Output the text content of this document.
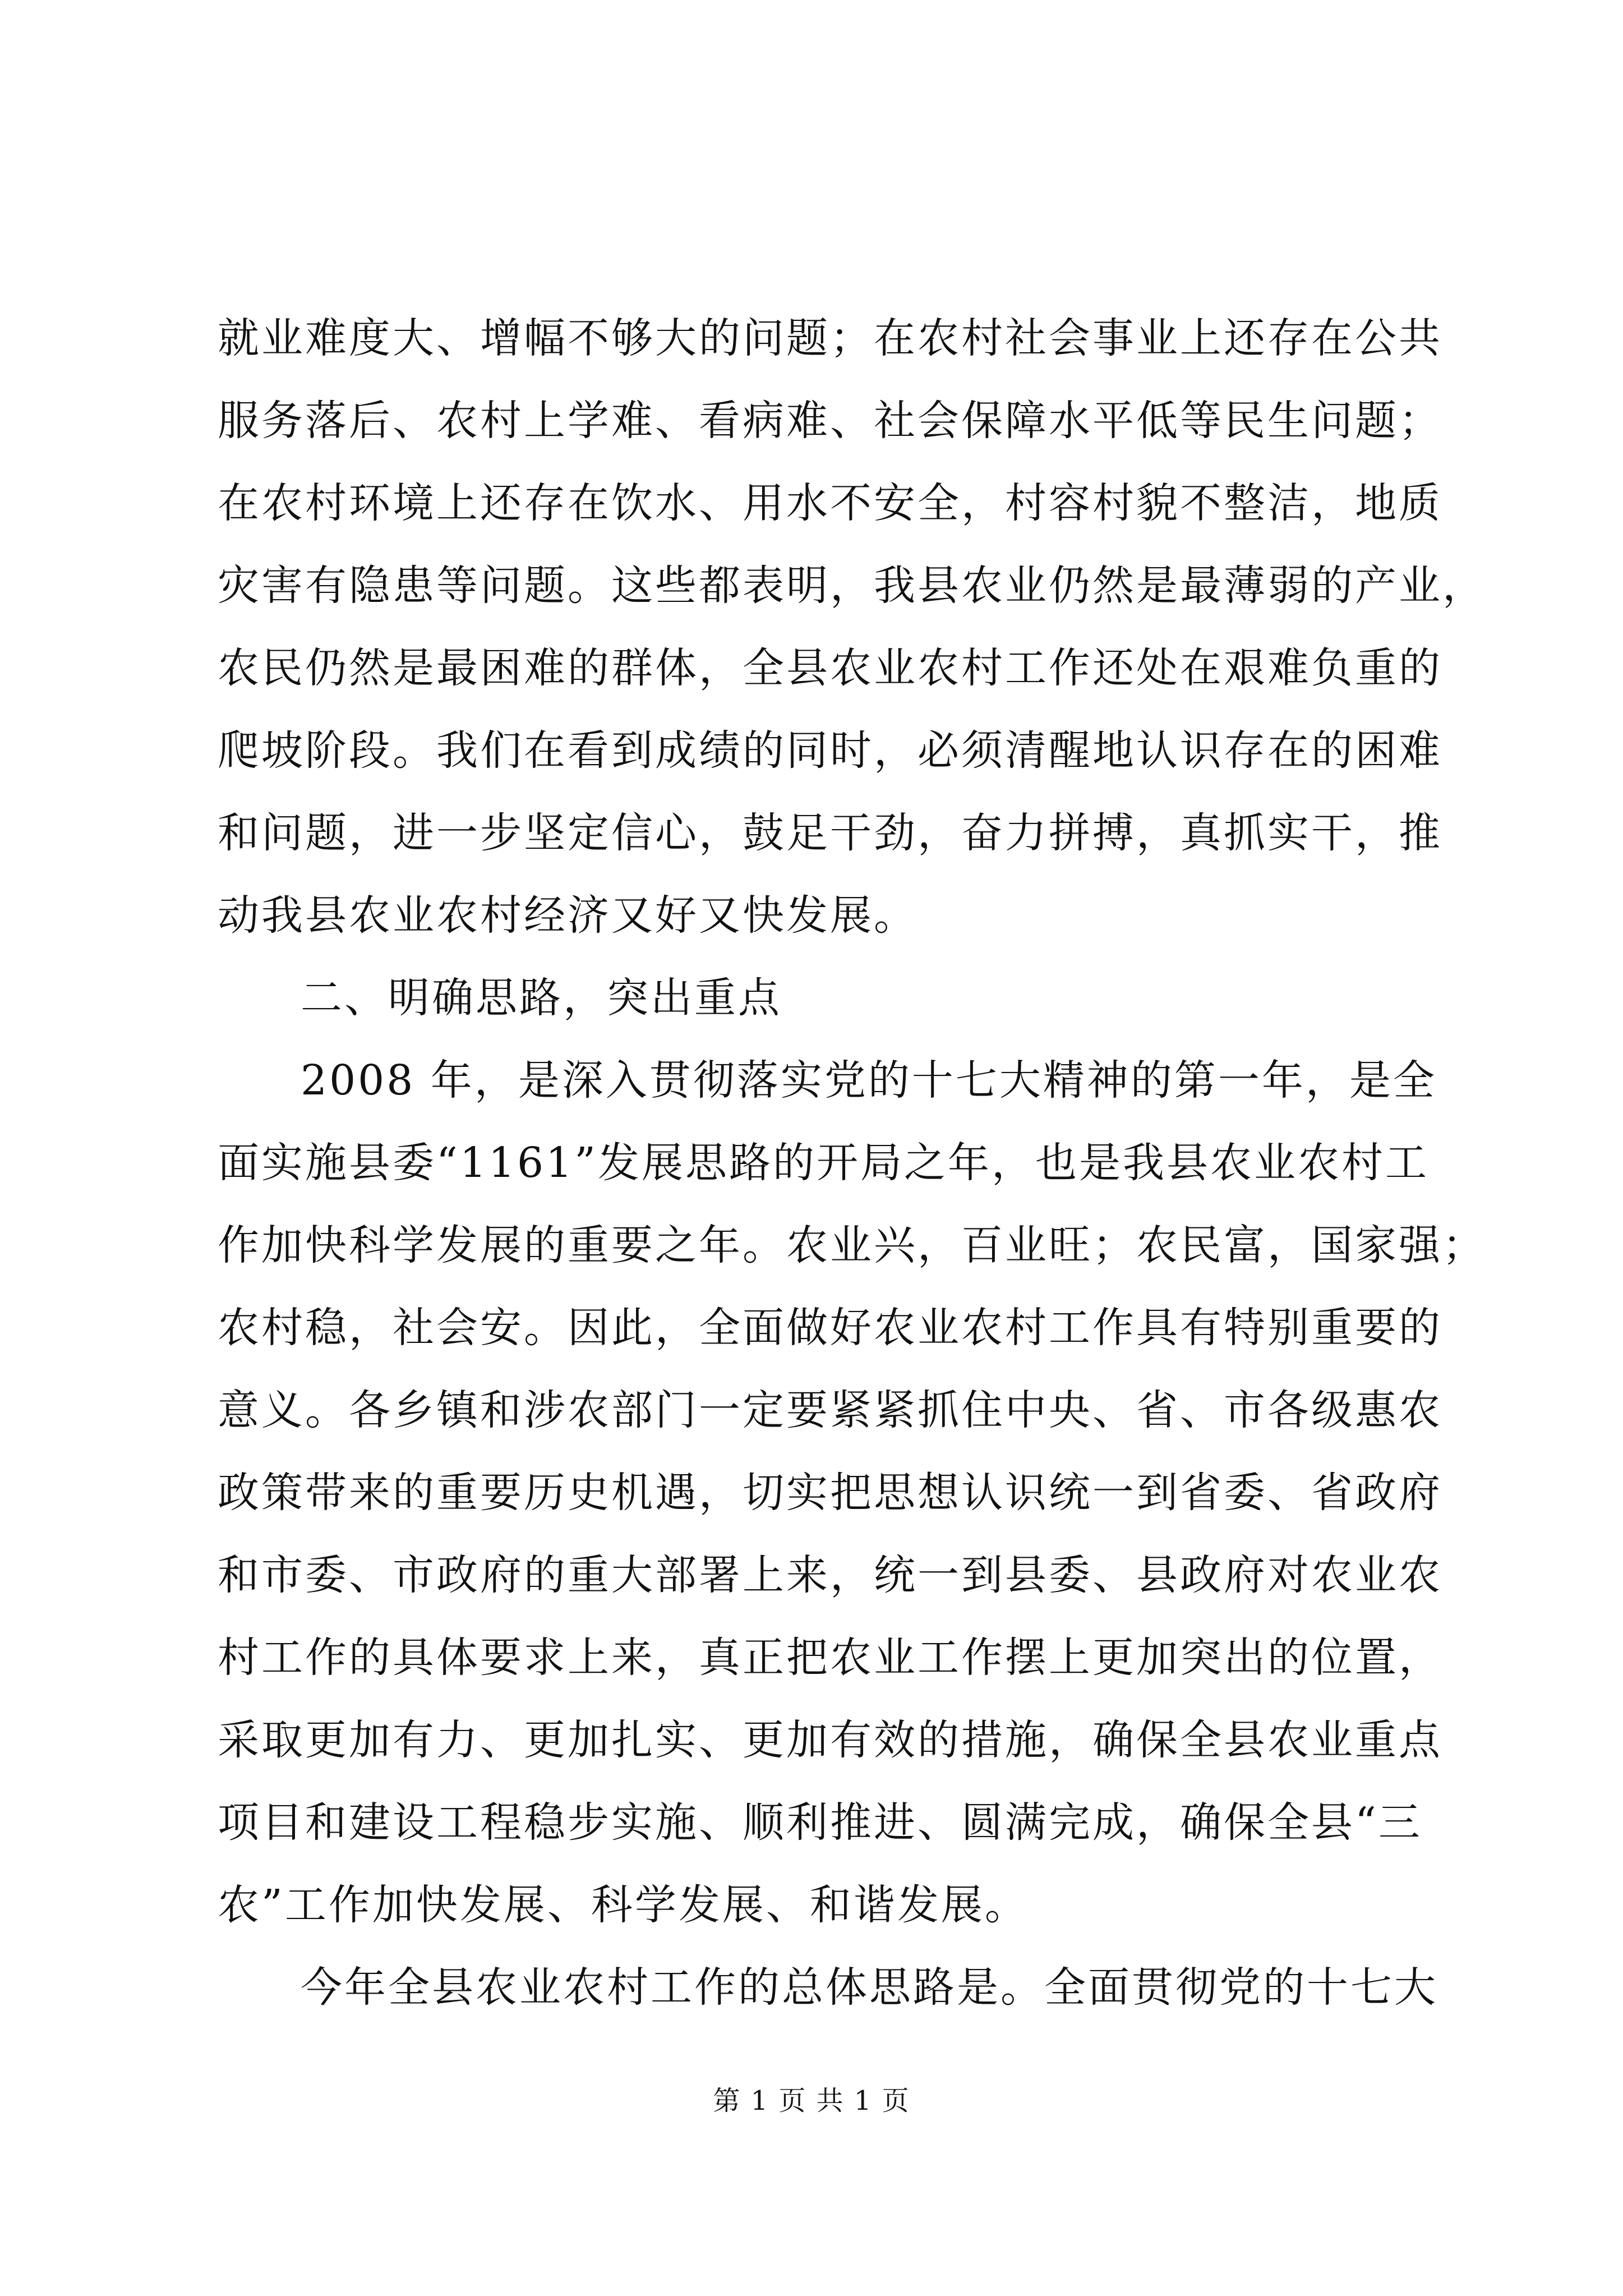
就业难度大、增幅不够大的问题；在农村社会事业上还存在公共
服务落后、农村上学难、看病难、社会保障水平低等民生问题；
在农村环境上还存在饮水、用水不安全，村容村貌不整洁，地质
灾害有隐患等问题。这些都表明，我县农业仍然是最薄弱的产业，
农民仍然是最困难的群体，全县农业农村工作还处在艰难负重的
爬坡阶段。我们在看到成绩的同时，必须清醒地认识存在的困难
和问题，进一步坚定信心，鼓足干劲，奋力拼搏，真抓实干，推
动我县农业农村经济又好又快发展。
二、明确思路，突出重点
2008 年，是深入贯彻落实党的十七大精神的第一年，是全
面实施县委“1161”发展思路的开局之年，也是我县农业农村工
作加快科学发展的重要之年。农业兴，百业旺；农民富，国家强；
农村稳，社会安。因此，全面做好农业农村工作具有特别重要的
意义。各乡镇和涉农部门一定要紧紧抓住中央、省、市各级惠农
政策带来的重要历史机遇，切实把思想认识统一到省委、省政府
和市委、市政府的重大部署上来，统一到县委、县政府对农业农
村工作的具体要求上来，真正把农业工作摆上更加突出的位置，
采取更加有力、更加扎实、更加有效的措施，确保全县农业重点
项目和建设工程稳步实施、顺利推进、圆满完成，确保全县“三
农”工作加快发展、科学发展、和谐发展。
今年全县农业农村工作的总体思路是。全面贯彻党的十七大
第 1 页 共 1 页
